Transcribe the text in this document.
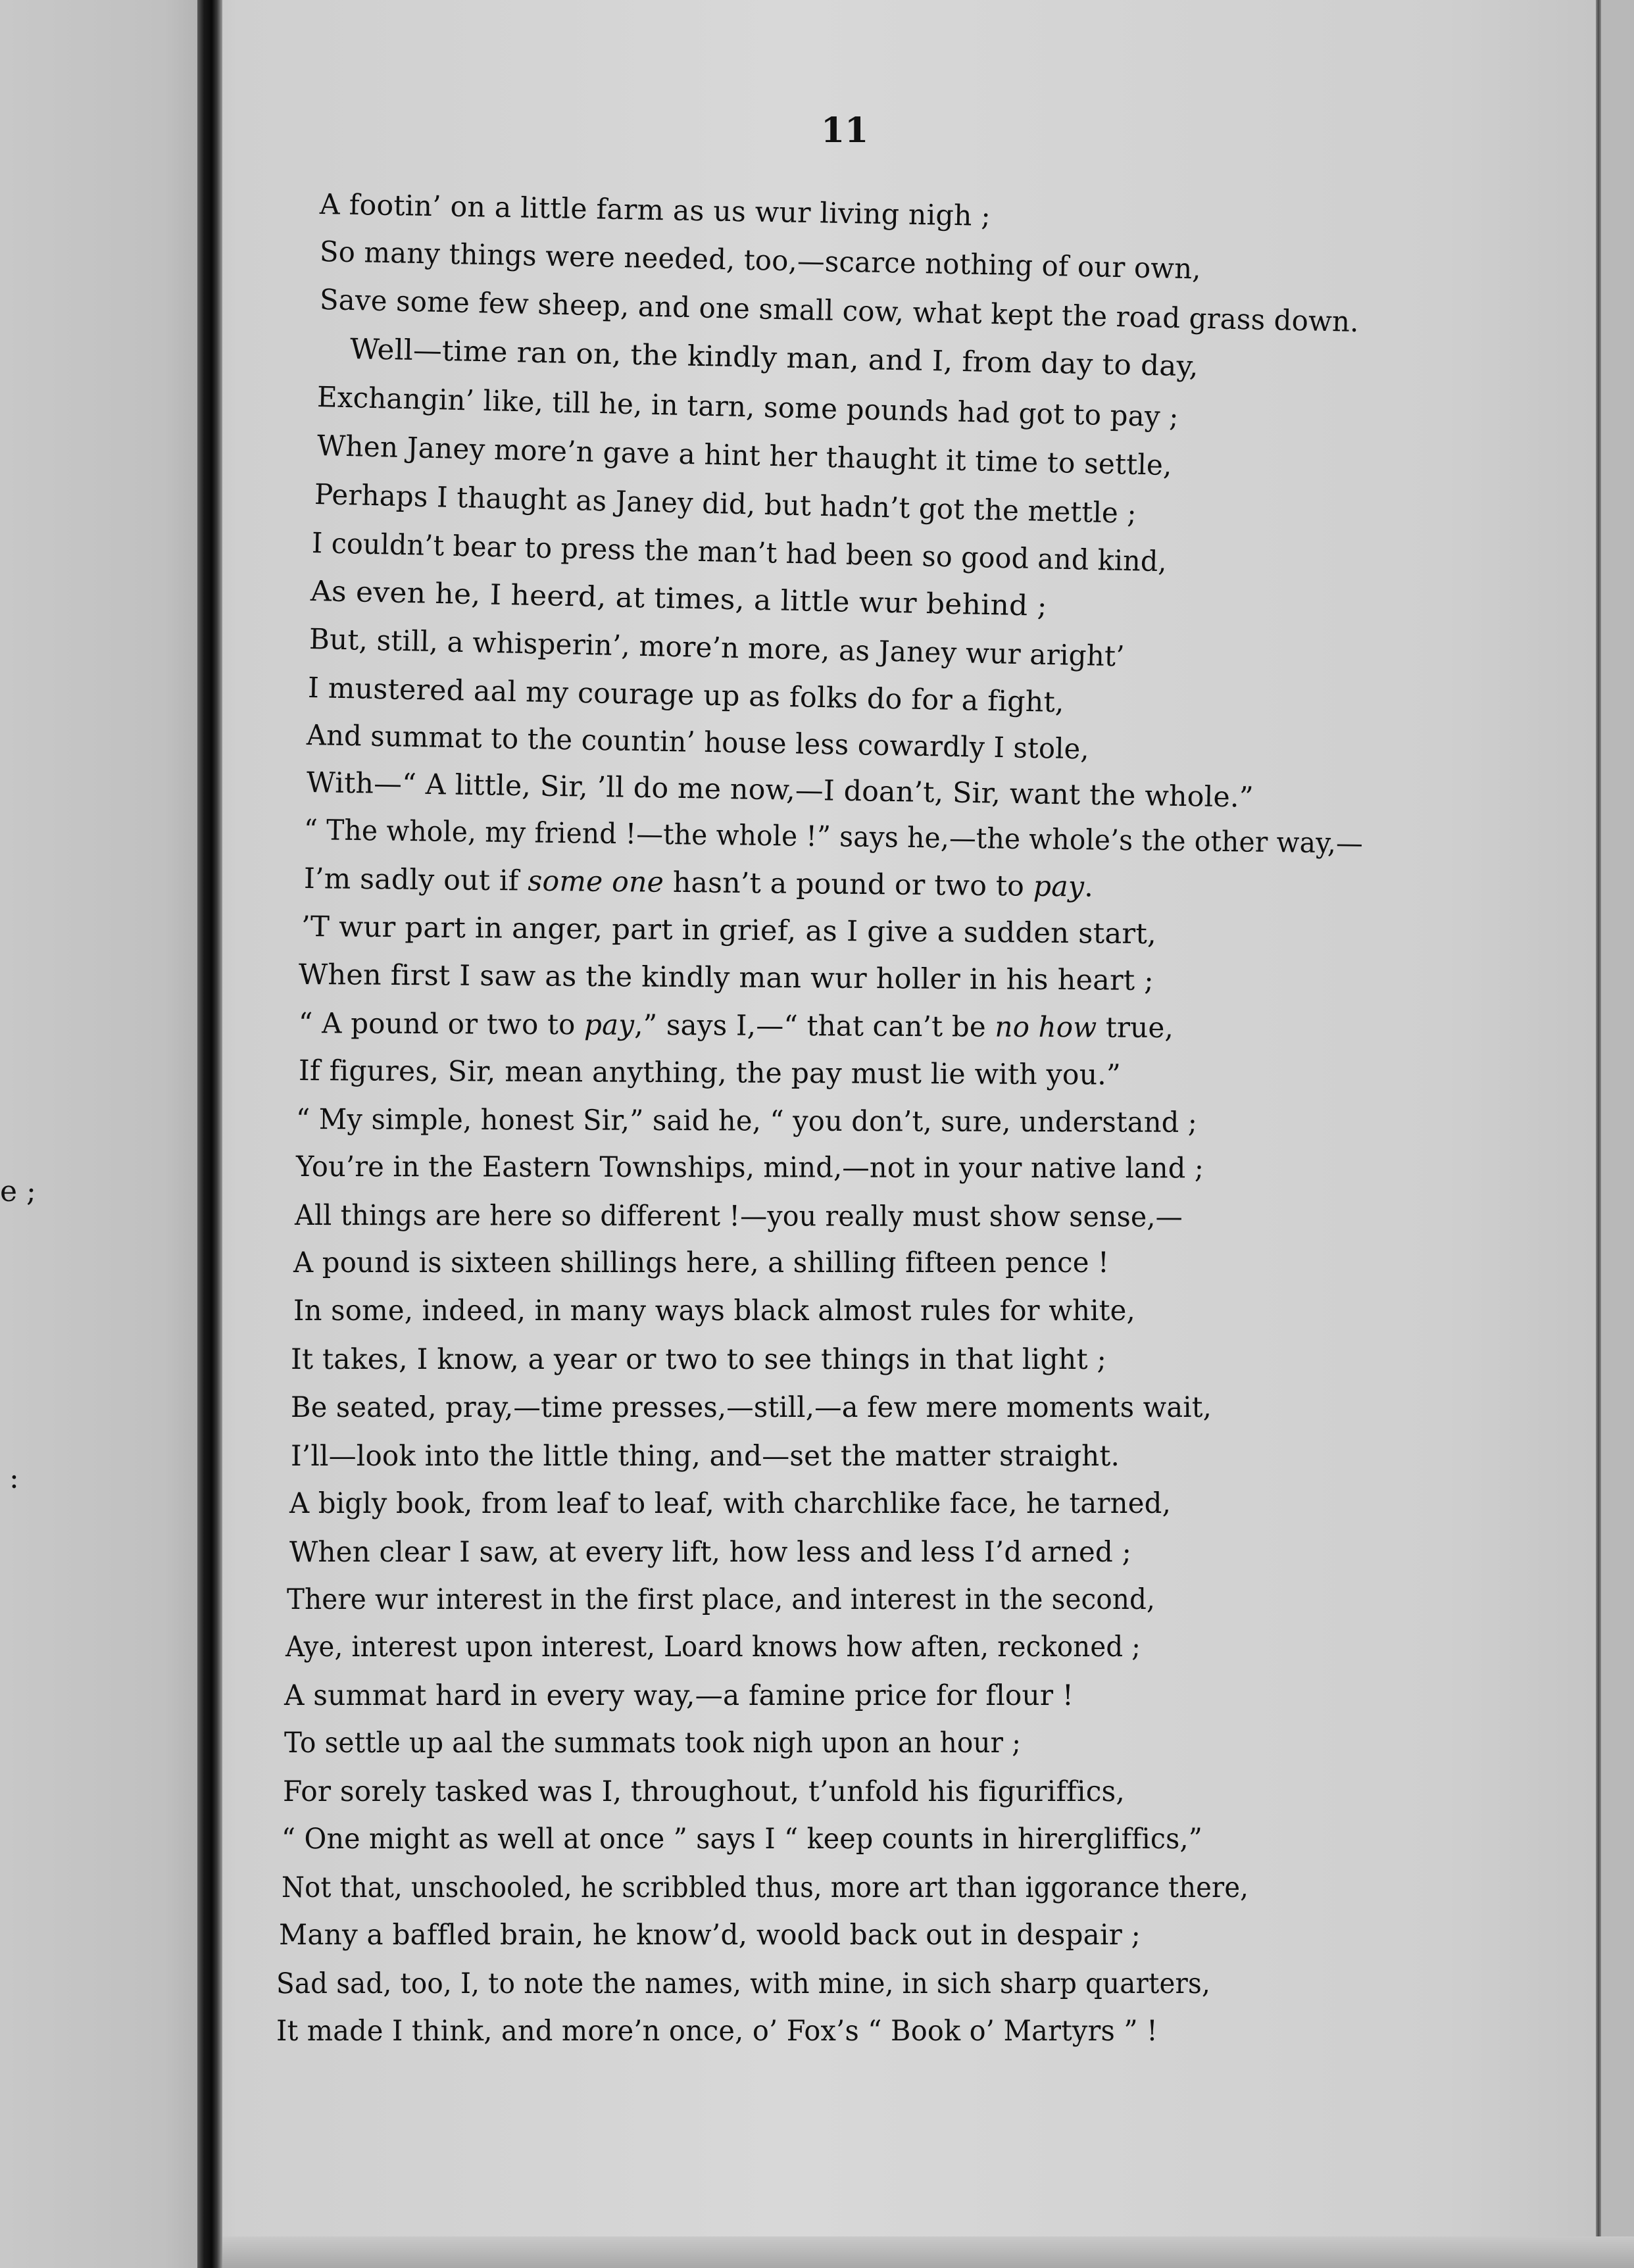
e ;
:
11
A footin’ on a little farm as us wur living nigh ;
So many things were needed, too,—scarce nothing of our own,
Save some few sheep, and one small cow, what kept the road grass down.
Well—time ran on, the kindly man, and I, from day to day,
Exchangin’ like, till he, in tarn, some pounds had got to pay ;
When Janey more’n gave a hint her thaught it time to settle,
Perhaps I thaught as Janey did, but hadn’t got the mettle ;
I couldn’t bear to press the man’t had been so good and kind,
As even he, I heerd, at times, a little wur behind ;
But, still, a whisperin’, more’n more, as Janey wur aright’
I mustered aal my courage up as folks do for a fight,
And summat to the countin’ house less cowardly I stole,
With—“ A little, Sir, ’ll do me now,—I doan’t, Sir, want the whole.”
“ The whole, my friend !—the whole !” says he,—the whole’s the other way,—
I’m sadly out if some one hasn’t a pound or two to pay.
’T wur part in anger, part in grief, as I give a sudden start,
When first I saw as the kindly man wur holler in his heart ;
“ A pound or two to pay,” says I,—“ that can’t be no how true,
If figures, Sir, mean anything, the pay must lie with you.”
“ My simple, honest Sir,” said he, “ you don’t, sure, understand ;
You’re in the Eastern Townships, mind,—not in your native land ;
All things are here so different !—you really must show sense,—
A pound is sixteen shillings here, a shilling fifteen pence !
In some, indeed, in many ways black almost rules for white,
It takes, I know, a year or two to see things in that light ;
Be seated, pray,—time presses,—still,—a few mere moments wait,
I’ll—look into the little thing, and—set the matter straight.
A bigly book, from leaf to leaf, with charchlike face, he tarned,
When clear I saw, at every lift, how less and less I’d arned ;
There wur interest in the first place, and interest in the second,
Aye, interest upon interest, Loard knows how aften, reckoned ;
A summat hard in every way,—a famine price for flour !
To settle up aal the summats took nigh upon an hour ;
For sorely tasked was I, throughout, t’unfold his figuriffics,
“ One might as well at once ” says I “ keep counts in hirergliffics,”
Not that, unschooled, he scribbled thus, more art than iggorance there,
Many a baffled brain, he know’d, woold back out in despair ;
Sad sad, too, I, to note the names, with mine, in sich sharp quarters,
It made I think, and more’n once, o’ Fox’s “ Book o’ Martyrs ” !
